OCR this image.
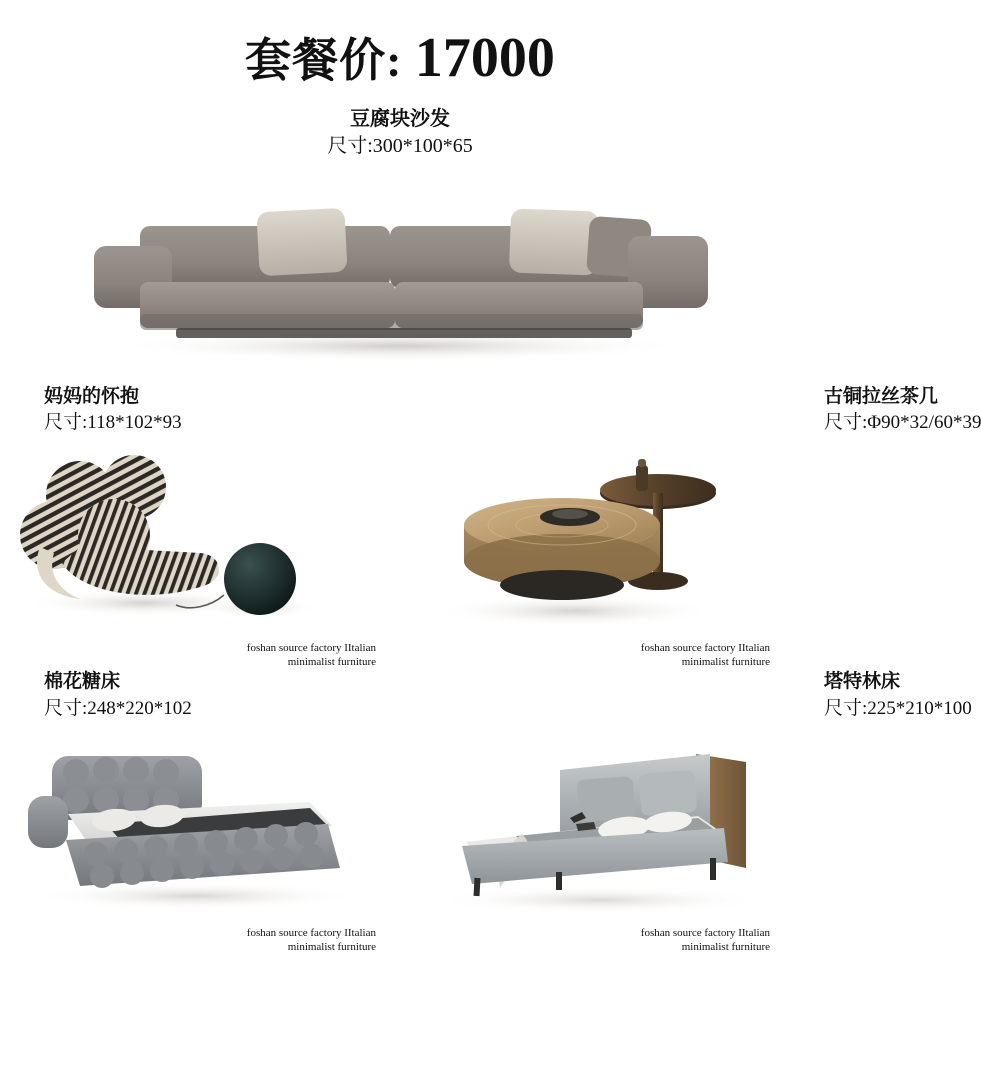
套餐价: 17000
豆腐块沙发
尺寸:300*100*65
妈妈的怀抱
尺寸:118*102*93
foshan source factory IItalian
minimalist furniture
古铜拉丝茶几
尺寸:Φ90*32/60*39
foshan source factory IItalian
minimalist furniture
棉花糖床
尺寸:248*220*102
foshan source factory IItalian
minimalist furniture
塔特林床
尺寸:225*210*100
foshan source factory IItalian
minimalist furniture
